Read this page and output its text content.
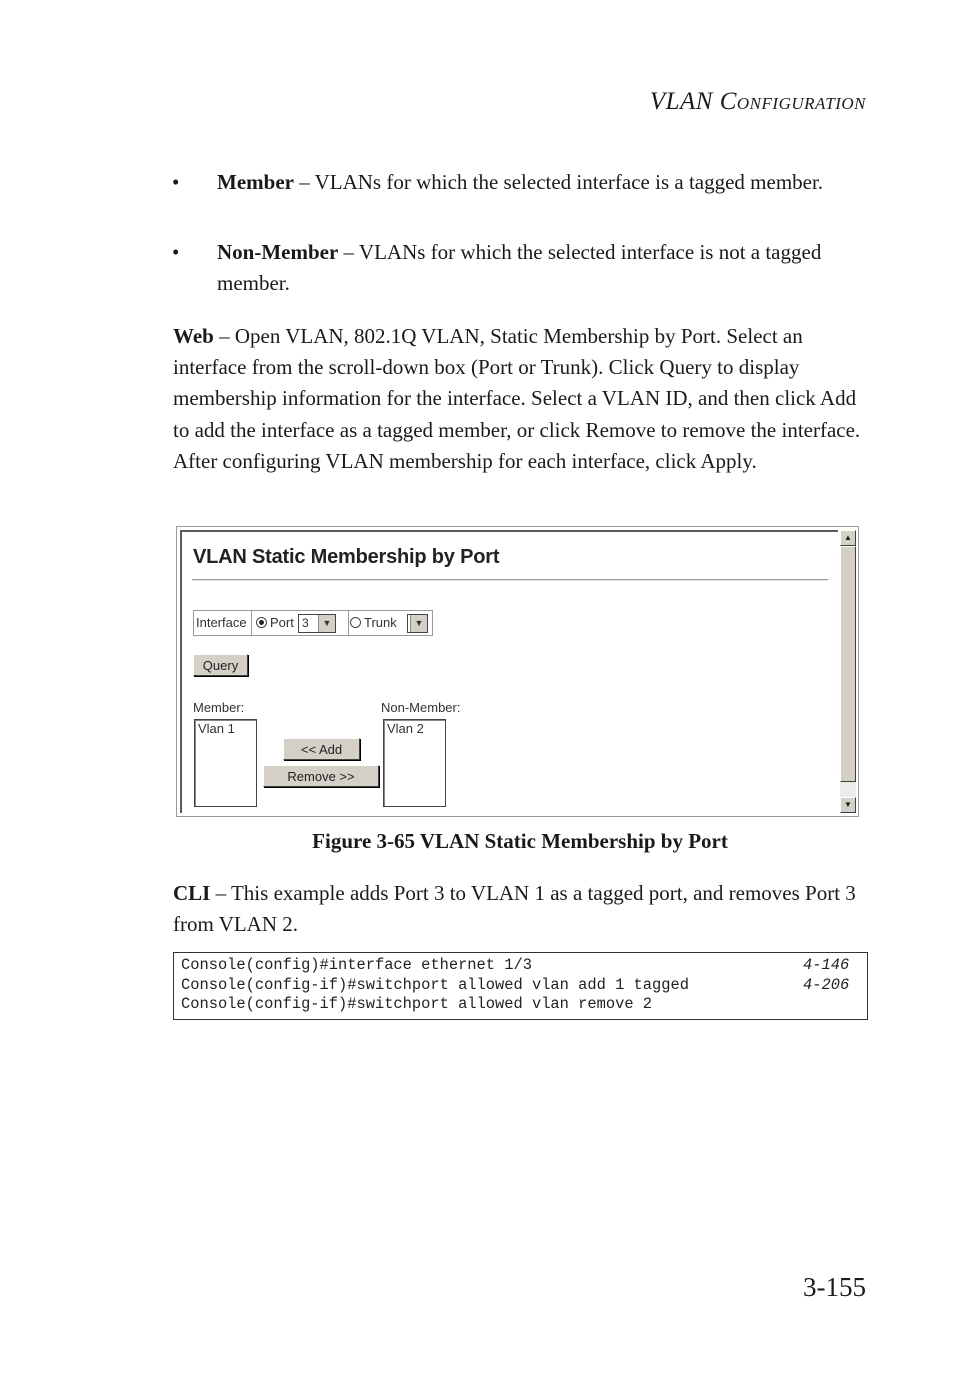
VLAN CONFIGURATION
• Member – VLANs for which the selected interface is a tagged member.
• Non-Member – VLANs for which the selected interface is not a tagged member.
Web – Open VLAN, 802.1Q VLAN, Static Membership by Port. Select an interface from the scroll-down box (Port or Trunk). Click Query to display membership information for the interface. Select a VLAN ID, and then click Add to add the interface as a tagged member, or click Remove to remove the interface. After configuring VLAN membership for each interface, click Apply.
VLAN Static Membership by Port
Interface	Port 3	▼	Trunk	▼
Query
Member:
Vlan 1
<< Add
Remove >>
Non-Member:
Vlan 2
▲
▼
Figure 3-65 VLAN Static Membership by Port
CLI – This example adds Port 3 to VLAN 1 as a tagged port, and removes Port 3 from VLAN 2.
Console(config)#interface ethernet 1/3	4-146
Console(config-if)#switchport allowed vlan add 1 tagged	4-206
Console(config-if)#switchport allowed vlan remove 2
3-155
